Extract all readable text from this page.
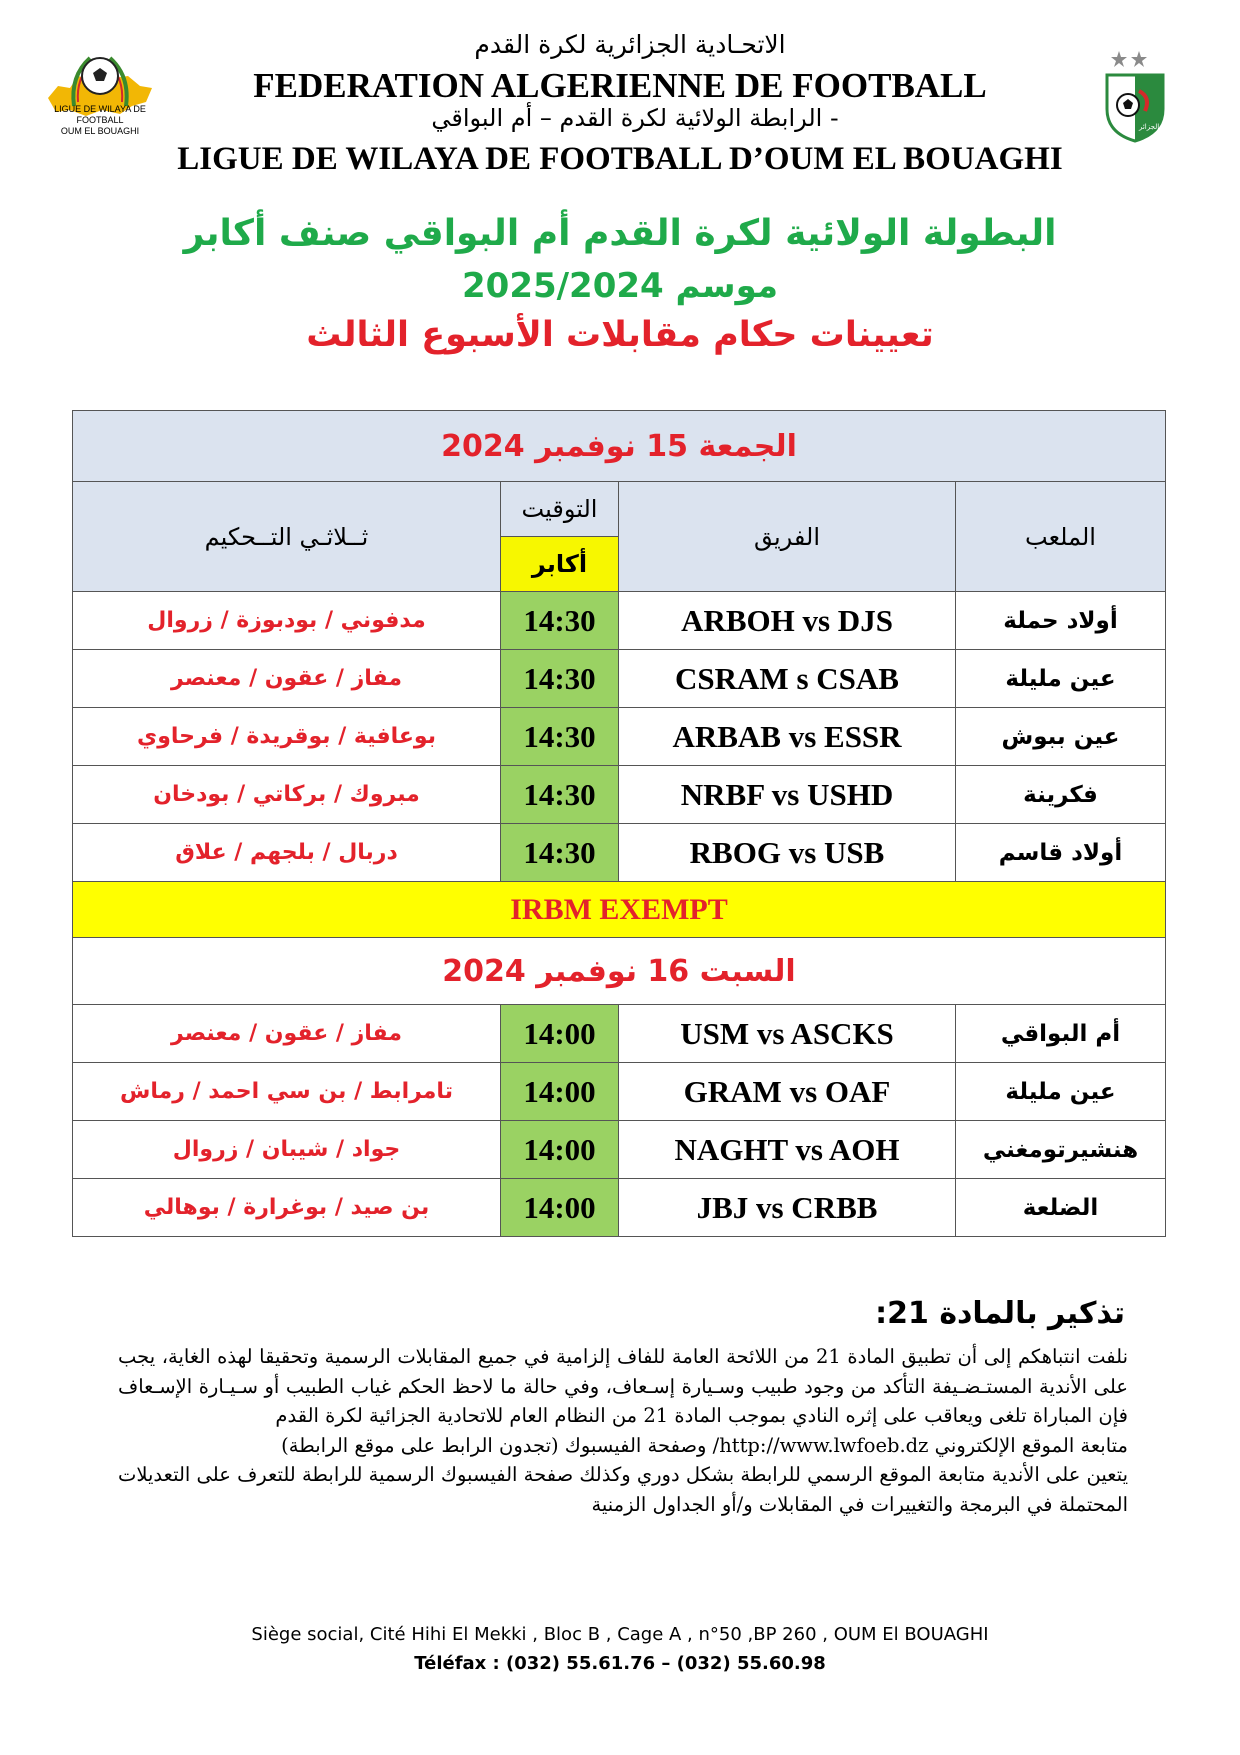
الاتحـادية الجزائرية لكرة القدم
FEDERATION ALGERIENNE DE FOOTBALL
الرابطة الولائية لكرة القدم – أم البواقي -
LIGUE DE WILAYA DE FOOTBALL D’OUM EL BOUAGHI
LIGUE DE WILAYA DE FOOTBALL
OUM EL BOUAGHI	الجزائر
البطولة الولائية لكرة القدم أم البواقي صنف أكابر
موسم 2025/2024
تعيينات حكام مقابلات الأسبوع الثالث
الجمعة 15 نوفمبر 2024			
ثــلاثـي التــحكيم	التوقيت	الفريق	الملعب
	أكابر		
مدفوني / بودبوزة / زروال	14:30	ARBOH vs DJS	أولاد حملة
مفاز / عقون / معنصر	14:30	CSRAM s CSAB	عين مليلة
بوعافية / بوقريدة / فرحاوي	14:30	ARBAB vs ESSR	عين ببوش
مبروك / بركاتي / بودخان	14:30	NRBF vs USHD	فكرينة
دربال / بلجهم / علاق	14:30	RBOG vs USB	أولاد قاسم
IRBM EXEMPT			
السبت 16 نوفمبر 2024			
مفاز / عقون / معنصر	14:00	USM vs ASCKS	أم البواقي
تامرابط / بن سي احمد / رماش	14:00	GRAM vs OAF	عين مليلة
جواد / شيبان / زروال	14:00	NAGHT vs AOH	هنشيرتومغني
بن صيد / بوغرارة / بوهالي	14:00	JBJ vs CRBB	الضلعة
تذكير بالمادة 21:

نلفت انتباهكم إلى أن تطبيق المادة 21 من اللائحة العامة للفاف إلزامية في جميع المقابلات الرسمية وتحقيقا لهذه الغاية، يجب على الأندية المستـضـيفة التأكد من وجود طبيب وسـيارة إسـعاف، وفي حالة ما لاحظ الحكم غياب الطبيب أو سـيـارة الإسـعاف فإن المباراة تلغى ويعاقب على إثره النادي بموجب المادة 21 من النظام العام للاتحادية الجزائية لكرة القدم

متابعة الموقع الإلكتروني http://www.lwfoeb.dz/ وصفحة الفيسبوك (تجدون الرابط على موقع الرابطة)

يتعين على الأندية متابعة الموقع الرسمي للرابطة بشكل دوري وكذلك صفحة الفيسبوك الرسمية للرابطة للتعرف على التعديلات المحتملة في البرمجة والتغييرات في المقابلات و/أو الجداول الزمنية

Siège social, Cité Hihi El Mekki , Bloc B , Cage A , n°50 ,BP 260 , OUM El BOUAGHI
Téléfax : (032) 55.61.76 – (032) 55.60.98
